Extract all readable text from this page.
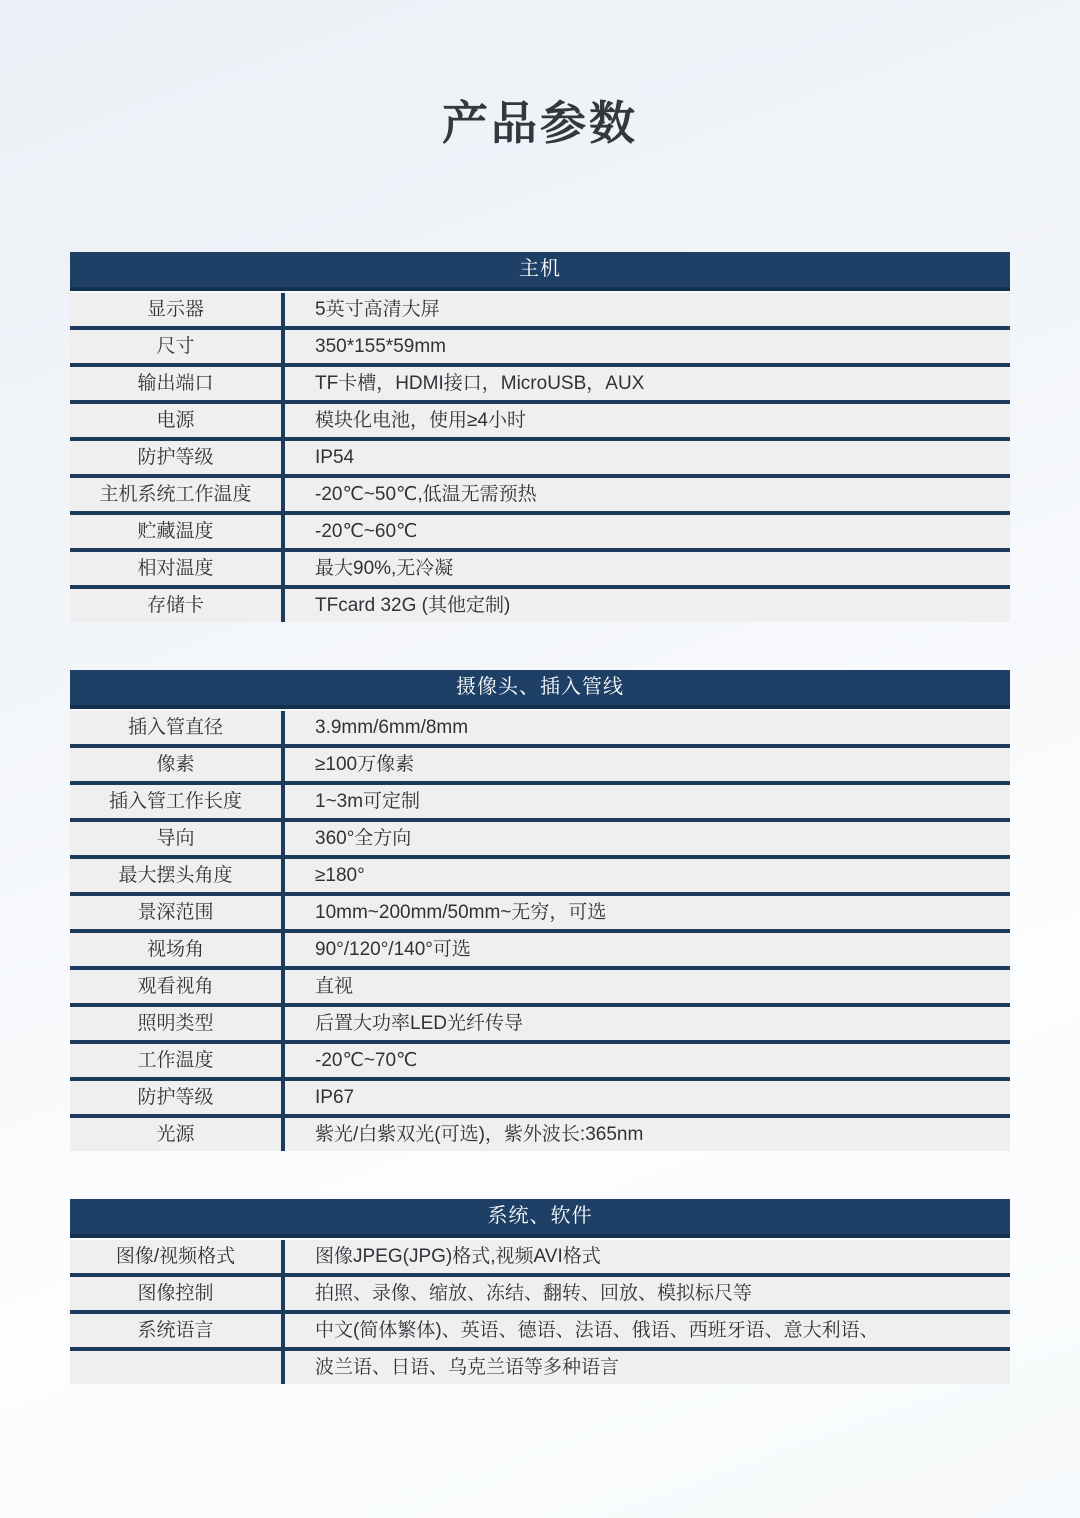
产品参数
主机
显示器	5英寸高清大屏
尺寸	350*155*59mm
输出端口	TF卡槽，HDMI接口，MicroUSB，AUX
电源	模块化电池，使用≥4小时
防护等级	IP54
主机系统工作温度	-20℃~50℃,低温无需预热
贮藏温度	-20℃~60℃
相对温度	最大90%,无冷凝
存储卡	TFcard 32G (其他定制)
摄像头、插入管线
插入管直径	3.9mm/6mm/8mm
像素	≥100万像素
插入管工作长度	1~3m可定制
导向	360°全方向
最大摆头角度	≥180°
景深范围	10mm~200mm/50mm~无穷，可选
视场角	90°/120°/140°可选
观看视角	直视
照明类型	后置大功率LED光纤传导
工作温度	-20℃~70℃
防护等级	IP67
光源	紫光/白紫双光(可选)，紫外波长:365nm
系统、软件
图像/视频格式	图像JPEG(JPG)格式,视频AVI格式
图像控制	拍照、录像、缩放、冻结、翻转、回放、模拟标尺等
系统语言	中文(简体繁体)、英语、德语、法语、俄语、西班牙语、意大利语、
波兰语、日语、乌克兰语等多种语言
